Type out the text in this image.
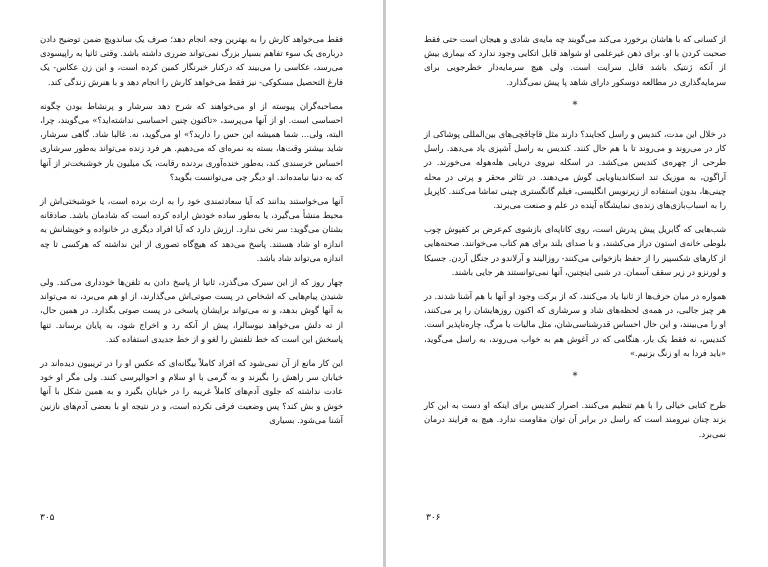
فقط می‌خواهد کارش را به بهترین وجه انجام دهد؛ صرف یک ساندویچ ضمن توضیح دادن درباره‌ی یک سوء تفاهم بسیار بزرگ نمی‌تواند ضرری داشته باشد. وقتی ثانیا به راپیسودی می‌رسد، عکاسی را می‌بیند که درکنار خبرنگار کمین کرده است، و این زن عکاس- یک فارغ التحصیل مسکوکی- نیز فقط می‌خواهد کارش را انجام دهد و با هنرش زندگی کند.

مصاحبه‌گران پیوسته از او می‌خواهند که شرح دهد سرشار و پرنشاط بودن چگونه احساسی است. او از آنها می‌پرسد، «تاکنون چنین احساسی نداشته‌اید؟» می‌گویند، چرا، البته، ولی... شما همیشه این حس را دارید؟» او می‌گوید، نه. غالبا شاد. گاهی سرشار، شاید بیشتر وقت‌ها، بسته به نمره‌ای که می‌دهیم. هر فرد زنده می‌تواند به‌طور سرشاری احساس خرسندی کند، به‌طور خنده‌آوری بردنده رقابت، یک میلیون بار خوشبخت‌تر از آنها که به دنیا نیامده‌اند. او دیگر چی می‌توانست بگوید؟

آنها می‌خواستند بدانند که آیا سعادتمندی خود را به ارث برده است، یا خوشبختی‌اش از محیط منشأ می‌گیرد، یا به‌طور ساده خودش اراده کرده است که شادمان باشد. صادقانه بشتان می‌گوید: سر نخی ندارد. ارزش دارد که آیا افراد دیگری در خانواده و خویشانش به اندازه او شاد هستند. پاسخ می‌دهد که هیچ‌گاه تصوری از این نداشته که هرکسی تا چه اندازه می‌تواند شاد باشد.

چهار روز که از این سیرک می‌گذرد، ثانیا از پاسخ دادن به تلفن‌ها خودداری می‌کند. ولی شنیدن پیام‌هایی که اشخاص در پست صوتی‌اش می‌گذارند، از او هم می‌برد، نه می‌تواند به آنها گوش بدهد، و نه می‌تواند برایشان پاسخی در پست صوتی بگذارد. در همین حال، از ته دلش می‌خواهد نیوسالرا، پیش از آنکه رد و اخراج شود، به پایان برساند. تنها پاسخش این است که خط تلفنش را لغو و از خط جدیدی استفاده کند.

این کار مانع از آن نمی‌شود که افراد کاملاً بیگانه‌ای که عکس او را در تریبیون دیده‌اند در خیابان سر راهش را بگیرند و به گرمی با او سلام و احوالپرسی کنند. ولی مگر او خود عادت نداشته که جلوی آدم‌های کاملاً غریبه را در خیابان بگیرد و به همین شکل با آنها خوش و بش کند؟ پس وضعیت فرقی نکرده است، و در نتیجه او با بعضی آدم‌های نازنین آشنا می‌شود. بسیاری

۳۰۵

از کسانی که با هاشان برخورد می‌کند می‌گویند چه مایه‌ی شادی و هیجان است حتی فقط صحبت کردن با او. برای ذهن غیرعلمی او شواهد قابل اتکایی وجود ندارد که بیماری بیش از آنکه ژنتیک باشد قابل سرایت است. ولی هیچ سرمایه‌دار خطرجویی برای سرمایه‌گذاری در مطالعه دوسکور دارای شاهد پا پیش نمی‌گذارد.

*

در خلال این مدت، کندیس و راسل کجایند؟ دارند مثل قاچاقچی‌های بین‌المللی پوشاکی از کار در می‌روند و می‌روند تا با هم حال کنند. کندیس به راسل آشپزی یاد می‌دهد. راسل طرحی از چهره‌ی کندیس می‌کشد. در اسکله نیروی دریایی هله‌هوله می‌خورند. در آراگون، به موزیک تند اسکاندیناویایی گوش می‌دهند. در تئاتر محقر و پرتی در محله چینی‌ها، بدون استفاده از زیرنویس انگلیسی، فیلم گانگستری چینی تماشا می‌کنند. کاپریل را به اسباب‌بازی‌های زنده‌ی نمایشگاه آینده در علم و صنعت می‌برند.

شب‌هایی که گابریل پیش پدرش است، روی کاناپه‌ای بازشوی کم‌عرض بر کفپوش چوب بلوطی خانه‌ی استون دراز می‌کشند، و با صدای بلند برای هم کتاب می‌خوانند. صحنه‌هایی از کارهای شکسپیر را از حفظ بازخوانی می‌کنند- روزالیند و آرلاندو در جنگل آردن. جسیکا و لورنزو در زیر سقف آسمان. در شبی اینچنین، آنها نمی‌توانستند هر جایی باشند.

همواره در میان حرف‌ها از ثانیا یاد می‌کنند، که از برکت وجود او آنها با هم آشنا شدند. در هر چیز جالبی، در همه‌ی لحظه‌های شاد و سرشاری که اکنون روزهایشان را پر می‌کنند، او را می‌بینند، و این حال احساس قدرشناسی‌شان، مثل مالیات یا مرگ، چاره‌ناپذیر است. کندیس، نه فقط یک بار، هنگامی که در آغوش هم به خواب می‌روند، به راسل می‌گوید، «باید فردا به او زنگ بزنیم.»

*

طرح کتابی خیالی را با هم تنظیم می‌کنند. اصرار کندیس برای اینکه او دست به این کار بزند چنان نیرومند است که راسل در برابر آن توان مقاومت ندارد. هیچ به فرایند درمان نمی‌برد.

۳۰۶
